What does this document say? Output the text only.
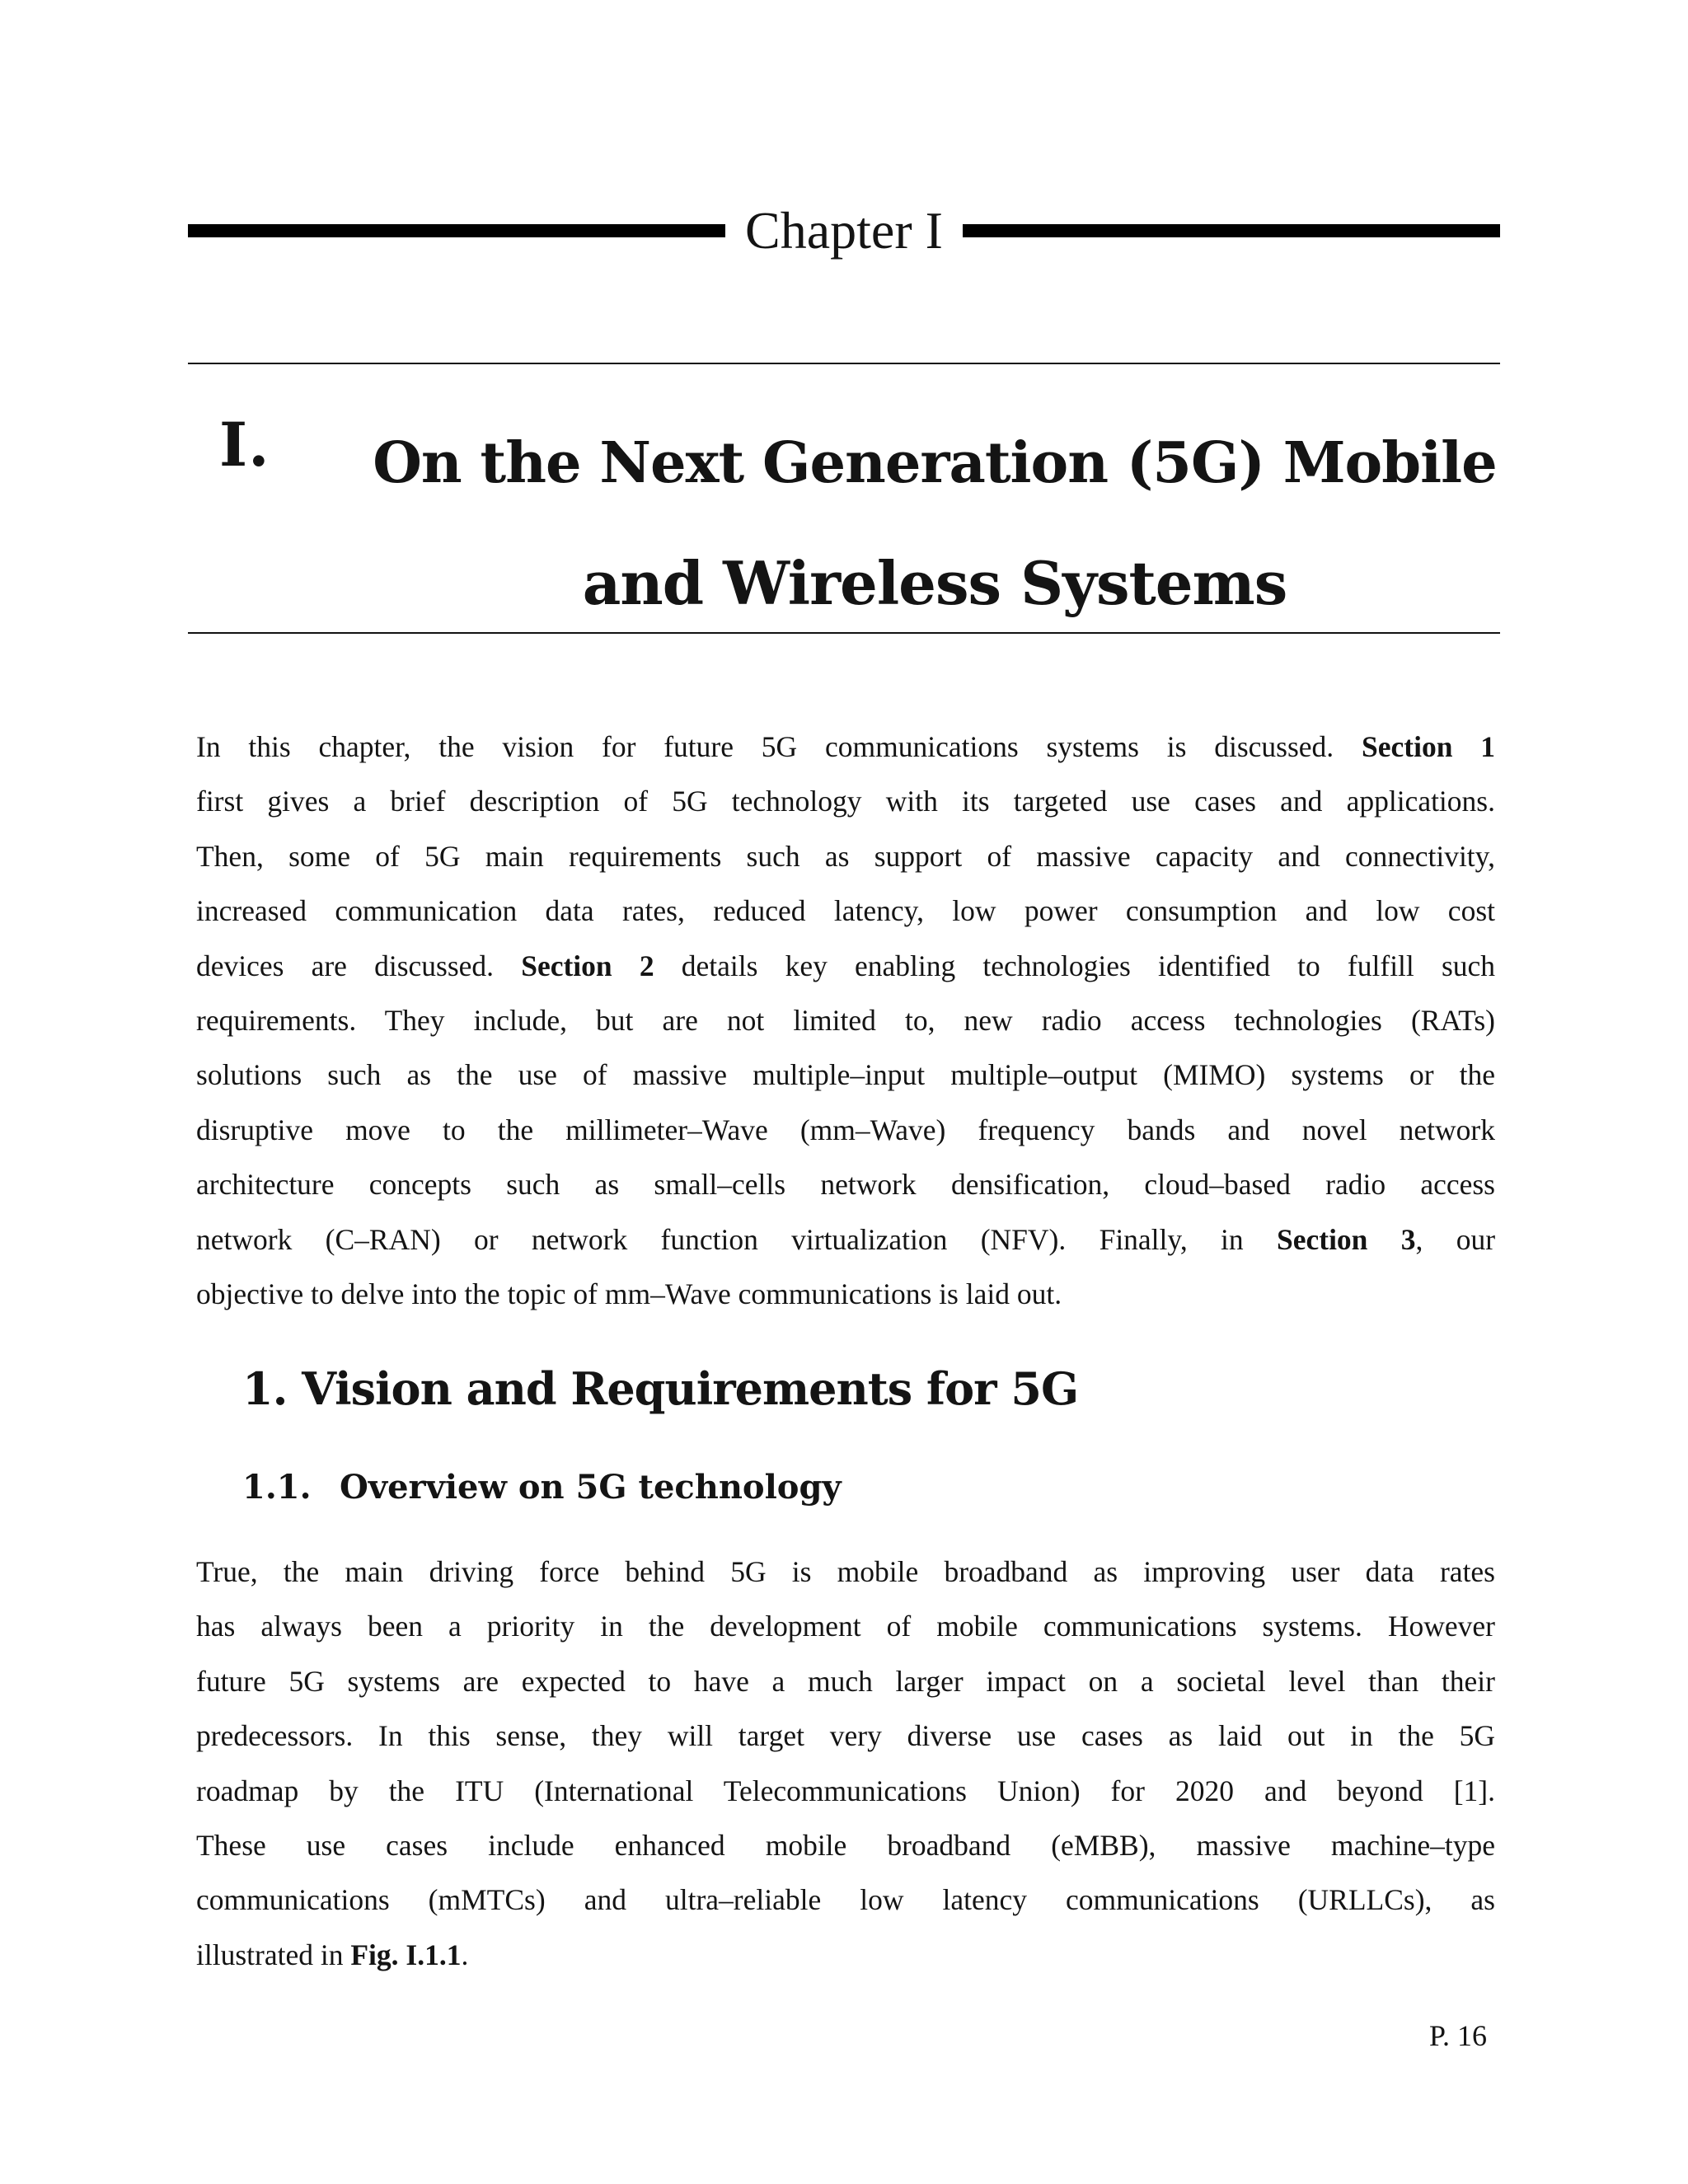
Chapter I
I. On the Next Generation (5G) Mobile
and Wireless Systems
In this chapter, the vision for future 5G communications systems is discussed. Section 1
first gives a brief description of 5G technology with its targeted use cases and applications.
Then, some of 5G main requirements such as support of massive capacity and connectivity,
increased communication data rates, reduced latency, low power consumption and low cost
devices are discussed. Section 2 details key enabling technologies identified to fulfill such
requirements. They include, but are not limited to, new radio access technologies (RATs)
solutions such as the use of massive multiple–input multiple–output (MIMO) systems or the
disruptive move to the millimeter–Wave (mm–Wave) frequency bands and novel network
architecture concepts such as small–cells network densification, cloud–based radio access
network (C–RAN) or network function virtualization (NFV). Finally, in Section 3, our
objective to delve into the topic of mm–Wave communications is laid out.
1. Vision and Requirements for 5G
1.1. Overview on 5G technology
True, the main driving force behind 5G is mobile broadband as improving user data rates
has always been a priority in the development of mobile communications systems. However
future 5G systems are expected to have a much larger impact on a societal level than their
predecessors. In this sense, they will target very diverse use cases as laid out in the 5G
roadmap by the ITU (International Telecommunications Union) for 2020 and beyond [1].
These use cases include enhanced mobile broadband (eMBB), massive machine–type
communications (mMTCs) and ultra–reliable low latency communications (URLLCs), as
illustrated in Fig. I.1.1.
P. 16
